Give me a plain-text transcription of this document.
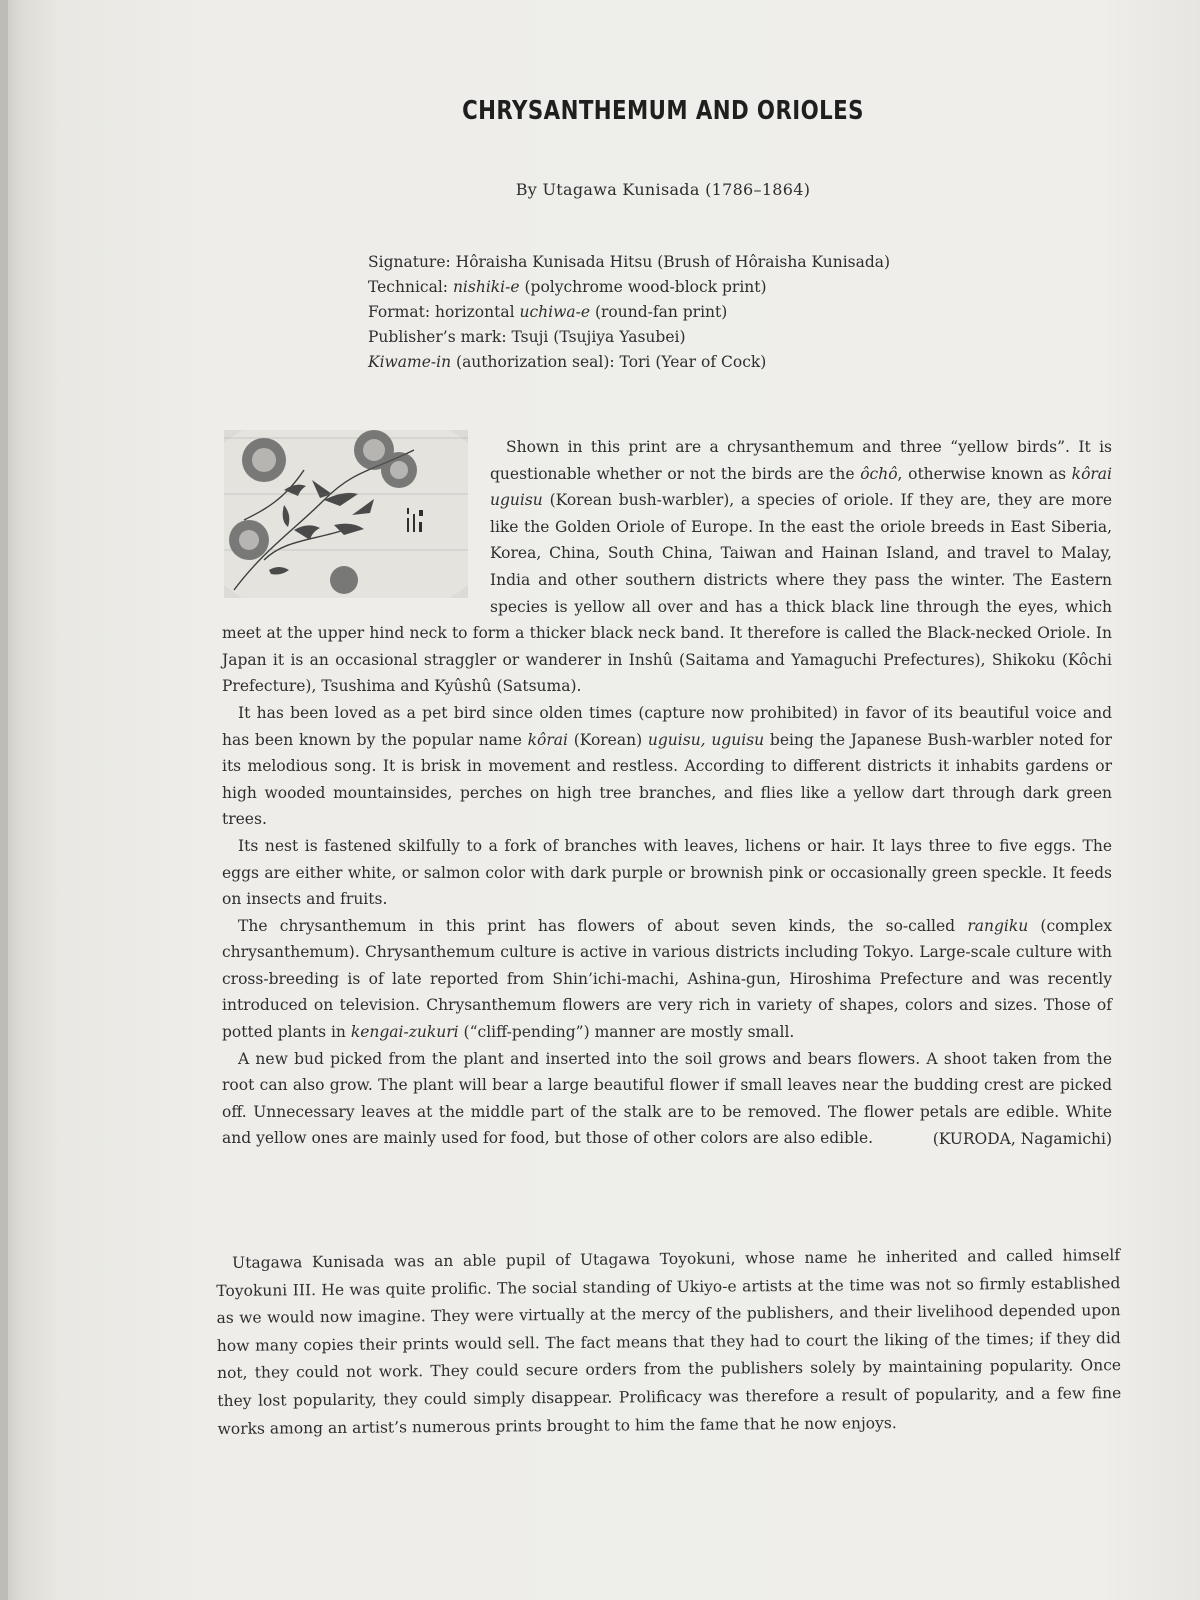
CHRYSANTHEMUM AND ORIOLES
By Utagawa Kunisada (1786–1864)
Signature: Hôraisha Kunisada Hitsu (Brush of Hôraisha Kunisada)
Technical: nishiki-e (polychrome wood-block print)
Format: horizontal uchiwa-e (round-fan print)
Publisher’s mark: Tsuji (Tsujiya Yasubei)
Kiwame-in (authorization seal): Tori (Year of Cock)

Shown in this print are a chrysanthemum and three “yellow birds”. It is questionable whether or not the birds are the ôchô, otherwise known as kôrai uguisu (Korean bush-warbler), a species of oriole. If they are, they are more like the Golden Oriole of Europe. In the east the oriole breeds in East Siberia, Korea, China, South China, Taiwan and Hainan Island, and travel to Malay, India and other southern districts where they pass the winter. The Eastern species is yellow all over and has a thick black line through the eyes, which meet at the upper hind neck to form a thicker black neck band. It therefore is called the Black-necked Oriole. In Japan it is an occasional straggler or wanderer in Inshû (Saitama and Yamaguchi Prefectures), Shikoku (Kôchi Prefecture), Tsushima and Kyûshû (Satsuma).

It has been loved as a pet bird since olden times (capture now prohibited) in favor of its beautiful voice and has been known by the popular name kôrai (Korean) uguisu, uguisu being the Japanese Bush-warbler noted for its melodious song. It is brisk in movement and restless. According to different districts it inhabits gardens or high wooded mountainsides, perches on high tree branches, and flies like a yellow dart through dark green trees.

Its nest is fastened skilfully to a fork of branches with leaves, lichens or hair. It lays three to five eggs. The eggs are either white, or salmon color with dark purple or brownish pink or occasionally green speckle. It feeds on insects and fruits.

The chrysanthemum in this print has flowers of about seven kinds, the so-called rangiku (complex chrysanthemum). Chrysanthemum culture is active in various districts including Tokyo. Large-scale culture with cross-breeding is of late reported from Shin’ichi-machi, Ashina-gun, Hiroshima Prefecture and was recently introduced on television. Chrysanthemum flowers are very rich in variety of shapes, colors and sizes. Those of potted plants in kengai-zukuri (“cliff-pending”) manner are mostly small.

A new bud picked from the plant and inserted into the soil grows and bears flowers. A shoot taken from the root can also grow. The plant will bear a large beautiful flower if small leaves near the budding crest are picked off. Unnecessary leaves at the middle part of the stalk are to be removed. The flower petals are edible. White and yellow ones are mainly used for food, but those of other colors are also edible.	(KURODA, Nagamichi)

Utagawa Kunisada was an able pupil of Utagawa Toyokuni, whose name he inherited and called himself Toyokuni III. He was quite prolific. The social standing of Ukiyo-e artists at the time was not so firmly established as we would now imagine. They were virtually at the mercy of the publishers, and their livelihood depended upon how many copies their prints would sell. The fact means that they had to court the liking of the times; if they did not, they could not work. They could secure orders from the publishers solely by maintaining popularity. Once they lost popularity, they could simply disappear. Prolificacy was therefore a result of popularity, and a few fine works among an artist’s numerous prints brought to him the fame that he now enjoys.
